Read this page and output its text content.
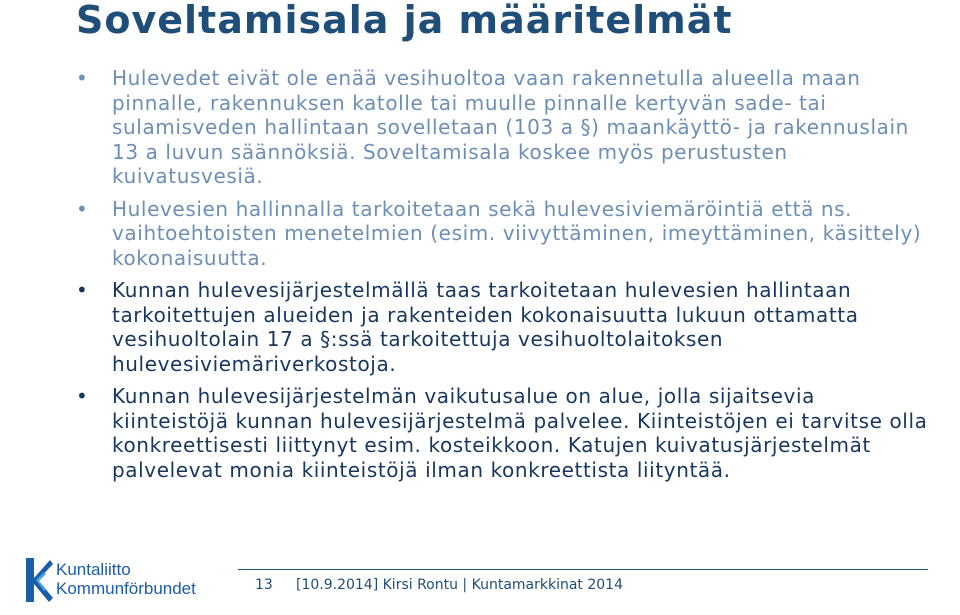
Soveltamisala ja määritelmät
•	Hulevedet eivät ole enää vesihuoltoa vaan rakennetulla alueella maan pinnalle, rakennuksen katolle tai muulle pinnalle kertyvän sade- tai sulamisveden hallintaan sovelletaan (103 a §) maankäyttö- ja rakennuslain 13 a luvun säännöksiä. Soveltamisala koskee myös perustusten kuivatusvesiä.
•	Hulevesien hallinnalla tarkoitetaan sekä hulevesiviemäröintiä että ns. vaihtoehtoisten menetelmien (esim. viivyttäminen, imeyttäminen, käsittely) kokonaisuutta.
•	Kunnan hulevesijärjestelmällä taas tarkoitetaan hulevesien hallintaan tarkoitettujen alueiden ja rakenteiden kokonaisuutta lukuun ottamatta vesihuoltolain 17 a §:ssä tarkoitettuja vesihuoltolaitoksen hulevesiviemäriverkostoja.
•	Kunnan hulevesijärjestelmän vaikutusalue on alue, jolla sijaitsevia kiinteistöjä kunnan hulevesijärjestelmä palvelee. Kiinteistöjen ei tarvitse olla konkreettisesti liittynyt esim. kosteikkoon. Katujen kuivatusjärjestelmät palvelevat monia kiinteistöjä ilman konkreettista liityntää.
Kuntaliitto
Kommunförbundet	13 [10.9.2014] Kirsi Rontu | Kuntamarkkinat 2014
